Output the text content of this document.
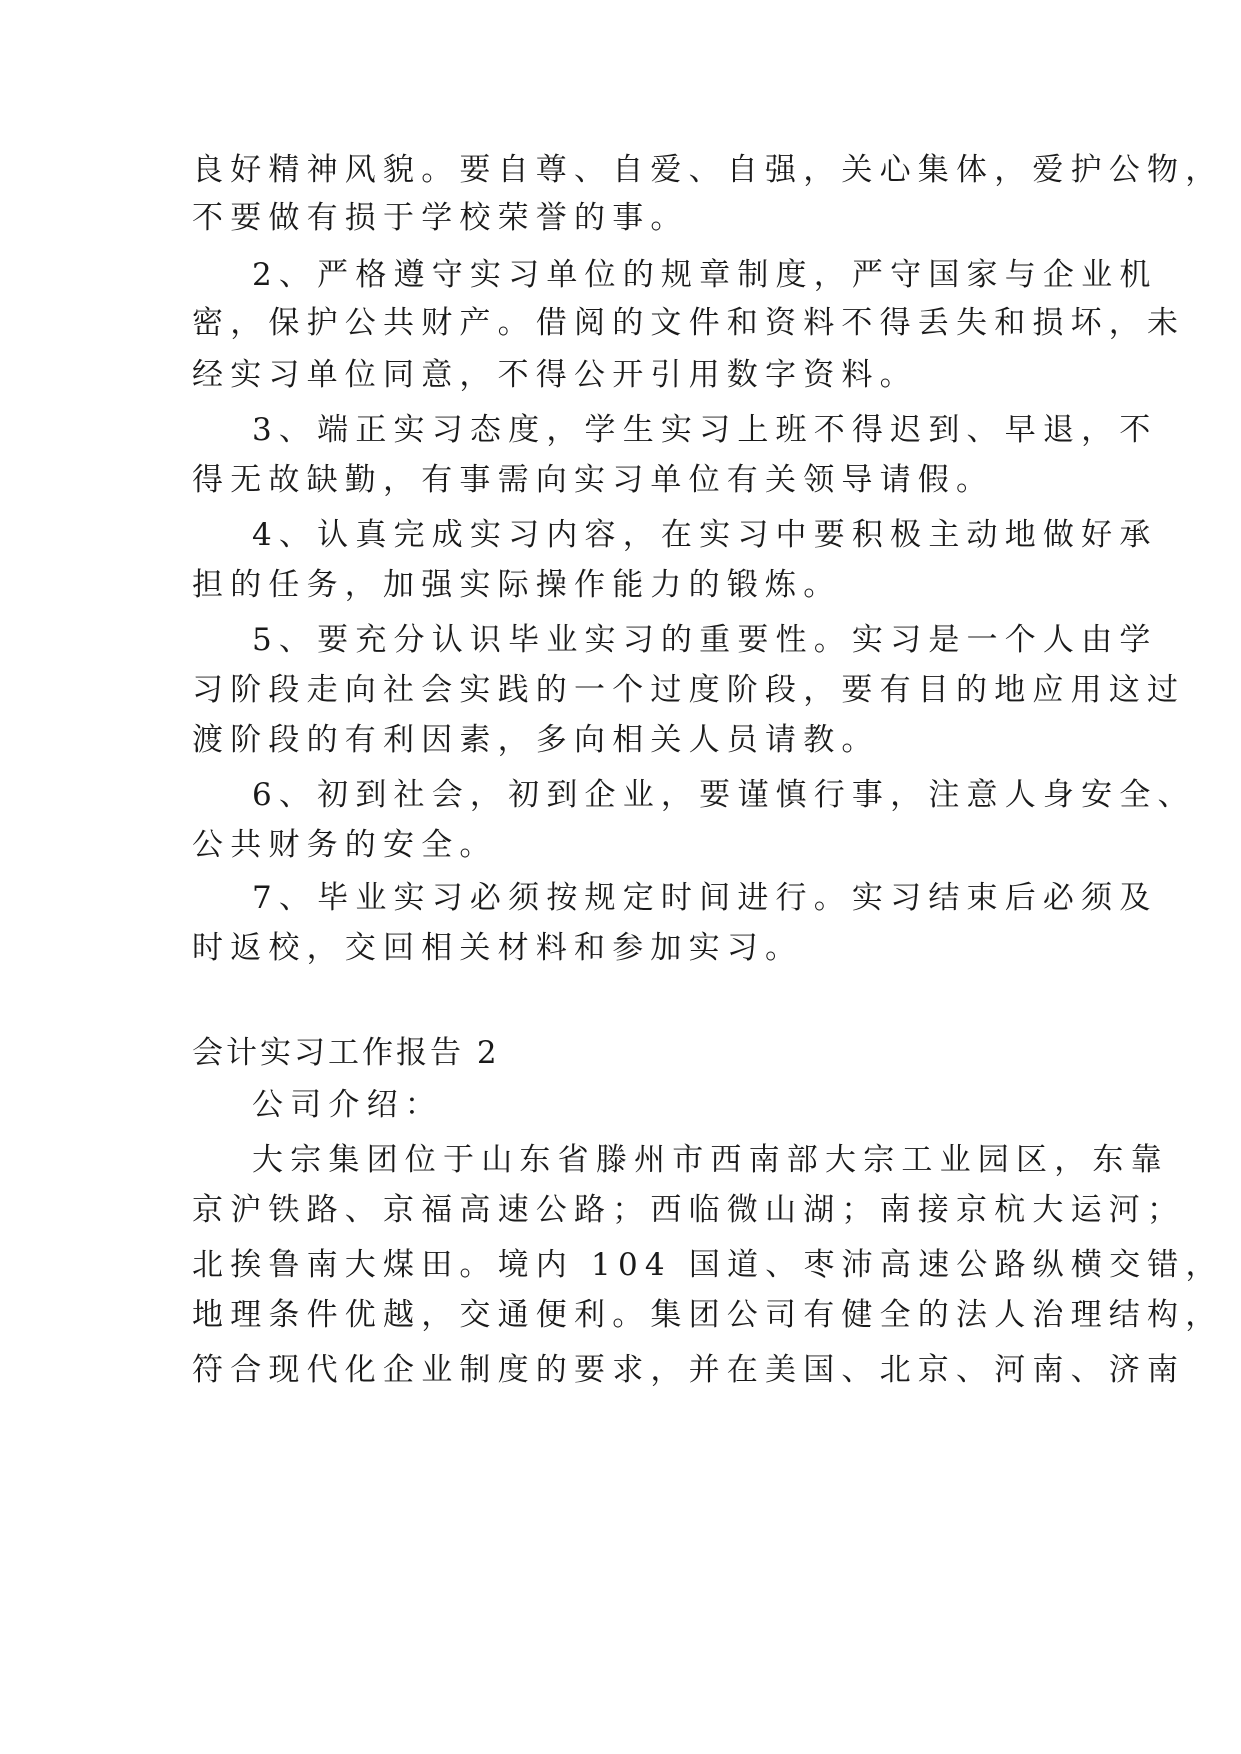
良好精神风貌。要自尊、自爱、自强，关心集体，爱护公物，
不要做有损于学校荣誉的事。
2、严格遵守实习单位的规章制度，严守国家与企业机
密，保护公共财产。借阅的文件和资料不得丢失和损坏，未
经实习单位同意，不得公开引用数字资料。
3、端正实习态度，学生实习上班不得迟到、早退，不
得无故缺勤，有事需向实习单位有关领导请假。
4、认真完成实习内容，在实习中要积极主动地做好承
担的任务，加强实际操作能力的锻炼。
5、要充分认识毕业实习的重要性。实习是一个人由学
习阶段走向社会实践的一个过度阶段，要有目的地应用这过
渡阶段的有利因素，多向相关人员请教。
6、初到社会，初到企业，要谨慎行事，注意人身安全、
公共财务的安全。
7、毕业实习必须按规定时间进行。实习结束后必须及
时返校，交回相关材料和参加实习。
会计实习工作报告 2
公司介绍：
大宗集团位于山东省滕州市西南部大宗工业园区，东靠
京沪铁路、京福高速公路；西临微山湖；南接京杭大运河；
北挨鲁南大煤田。境内 104 国道、枣沛高速公路纵横交错，
地理条件优越，交通便利。集团公司有健全的法人治理结构，
符合现代化企业制度的要求，并在美国、北京、河南、济南
